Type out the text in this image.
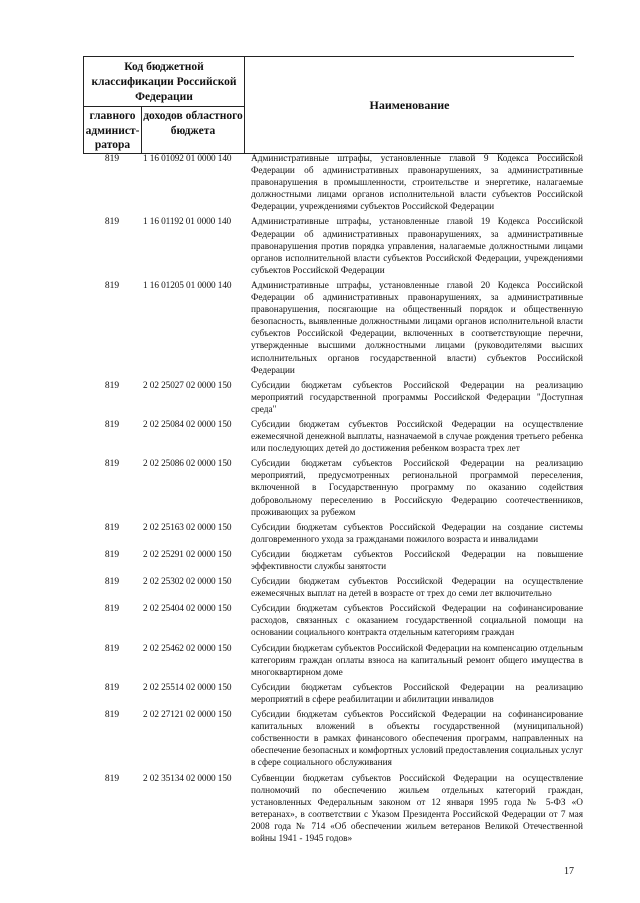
Код бюджетной классификации Российской Федерации
главного админист-ратора
доходов областного бюджета
Наименование
819	1 16 01092 01 0000 140	Административные штрафы, установленные главой 9 Кодекса Российской Федерации об административных правонарушениях, за административные правонарушения в промышленности, строительстве и энергетике, налагаемые должностными лицами органов исполнительной власти субъектов Российской Федерации, учреждениями субъектов Российской Федерации
819	1 16 01192 01 0000 140	Административные штрафы, установленные главой 19 Кодекса Российской Федерации об административных правонарушениях, за административные правонарушения против порядка управления, налагаемые должностными лицами органов исполнительной власти субъектов Российской Федерации, учреждениями субъектов Российской Федерации
819	1 16 01205 01 0000 140	Административные штрафы, установленные главой 20 Кодекса Российской Федерации об административных правонарушениях, за административные правонарушения, посягающие на общественный порядок и общественную безопасность, выявленные должностными лицами органов исполнительной власти субъектов Российской Федерации, включенных в соответствующие перечни, утвержденные высшими должностными лицами (руководителями высших исполнительных органов государственной власти) субъектов Российской Федерации
819	2 02 25027 02 0000 150	Субсидии бюджетам субъектов Российской Федерации на реализацию мероприятий государственной программы Российской Федерации "Доступная среда"
819	2 02 25084 02 0000 150	Субсидии бюджетам субъектов Российской Федерации на осуществление ежемесячной денежной выплаты, назначаемой в случае рождения третьего ребенка или последующих детей до достижения ребенком возраста трех лет
819	2 02 25086 02 0000 150	Субсидии бюджетам субъектов Российской Федерации на реализацию мероприятий, предусмотренных региональной программой переселения, включенной в Государственную программу по оказанию содействия добровольному переселению в Российскую Федерацию соотечественников, проживающих за рубежом
819	2 02 25163 02 0000 150	Субсидии бюджетам субъектов Российской Федерации на создание системы долговременного ухода за гражданами пожилого возраста и инвалидами
819	2 02 25291 02 0000 150	Субсидии бюджетам субъектов Российской Федерации на повышение эффективности службы занятости
819	2 02 25302 02 0000 150	Субсидии бюджетам субъектов Российской Федерации на осуществление ежемесячных выплат на детей в возрасте от трех до семи лет включительно
819	2 02 25404 02 0000 150	Субсидии бюджетам субъектов Российской Федерации на софинансирование расходов, связанных с оказанием государственной социальной помощи на основании социального контракта отдельным категориям граждан
819	2 02 25462 02 0000 150	Субсидии бюджетам субъектов Российской Федерации на компенсацию отдельным категориям граждан оплаты взноса на капитальный ремонт общего имущества в многоквартирном доме
819	2 02 25514 02 0000 150	Субсидии бюджетам субъектов Российской Федерации на реализацию мероприятий в сфере реабилитации и абилитации инвалидов
819	2 02 27121 02 0000 150	Субсидии бюджетам субъектов Российской Федерации на софинансирование капитальных вложений в объекты государственной (муниципальной) собственности в рамках финансового обеспечения программ, направленных на обеспечение безопасных и комфортных условий предоставления социальных услуг в сфере социального обслуживания
819	2 02 35134 02 0000 150	Субвенции бюджетам субъектов Российской Федерации на осуществление полномочий по обеспечению жильем отдельных категорий граждан, установленных Федеральным законом от 12 января 1995 года № 5-ФЗ «О ветеранах», в соответствии с Указом Президента Российской Федерации от 7 мая 2008 года № 714 «Об обеспечении жильем ветеранов Великой Отечественной войны 1941 - 1945 годов»
17
